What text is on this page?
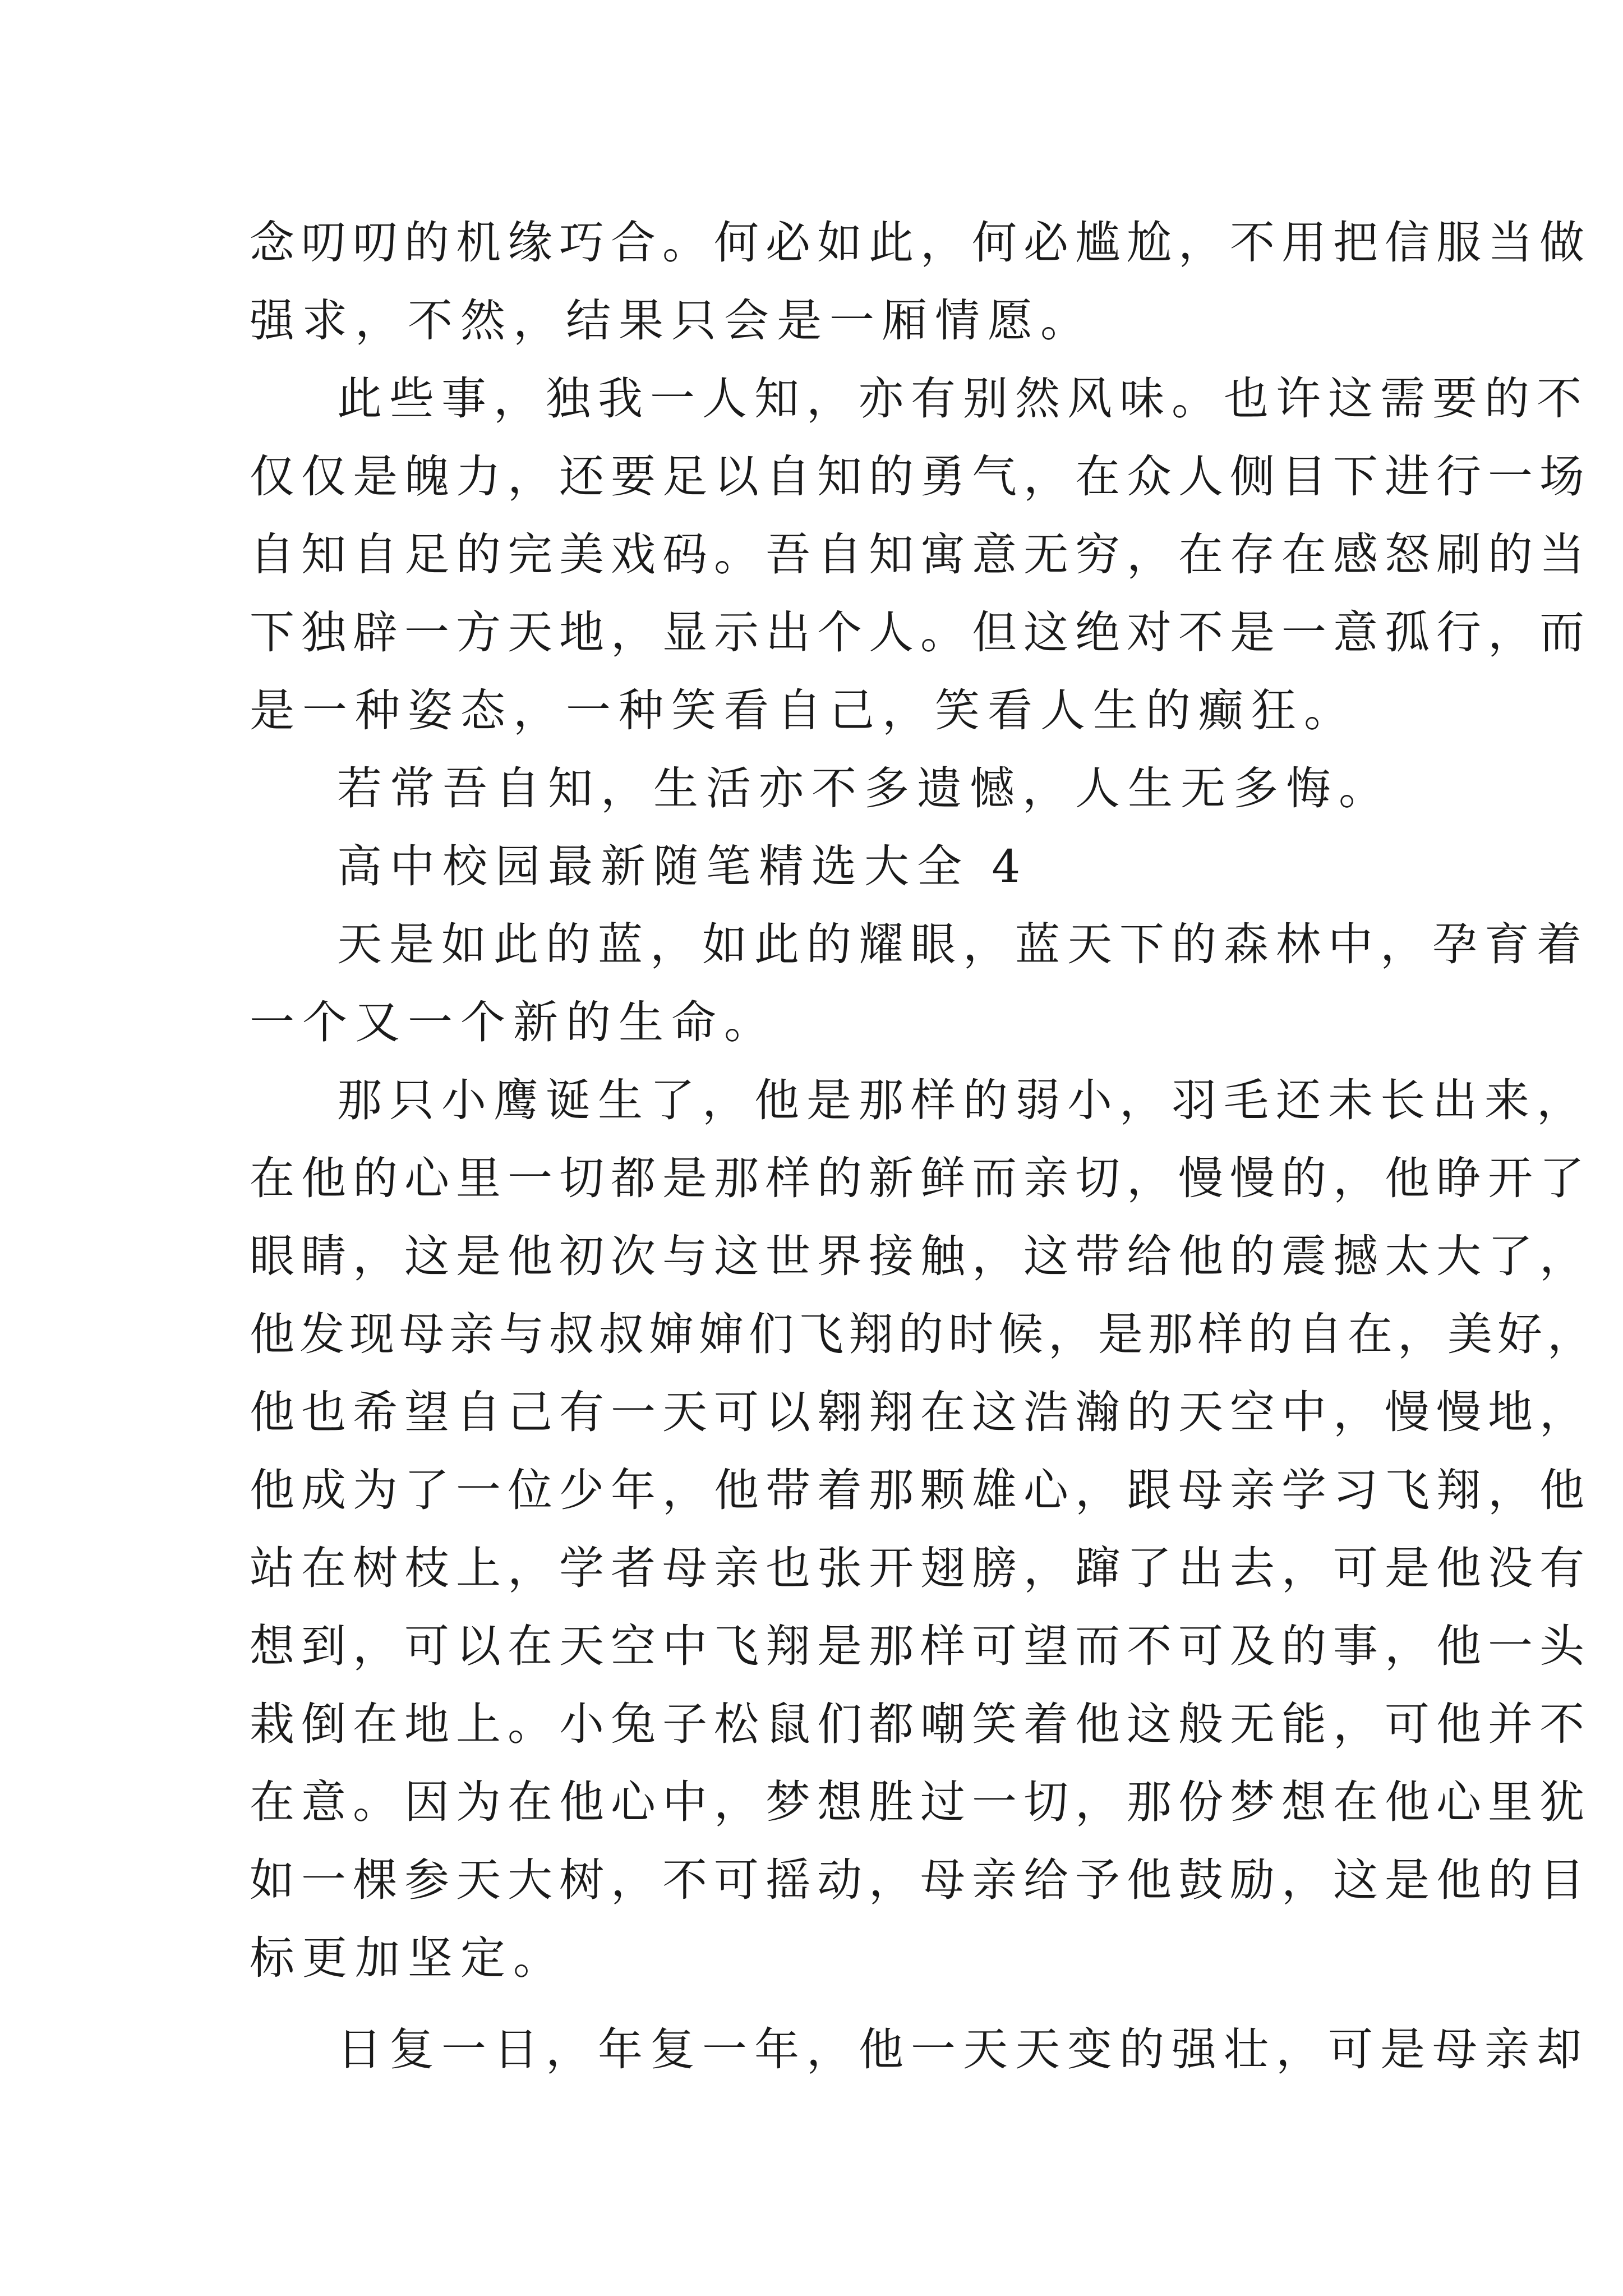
念叨叨的机缘巧合。何必如此，何必尴尬，不用把信服当做
强求，不然，结果只会是一厢情愿。
此些事，独我一人知，亦有别然风味。也许这需要的不
仅仅是魄力，还要足以自知的勇气，在众人侧目下进行一场
自知自足的完美戏码。吾自知寓意无穷，在存在感怒刷的当
下独辟一方天地，显示出个人。但这绝对不是一意孤行，而
是一种姿态，一种笑看自己，笑看人生的癫狂。
若常吾自知，生活亦不多遗憾，人生无多悔。
高中校园最新随笔精选大全 4
天是如此的蓝，如此的耀眼，蓝天下的森林中，孕育着
一个又一个新的生命。
那只小鹰诞生了，他是那样的弱小，羽毛还未长出来，
在他的心里一切都是那样的新鲜而亲切，慢慢的，他睁开了
眼睛，这是他初次与这世界接触，这带给他的震撼太大了，
他发现母亲与叔叔婶婶们飞翔的时候，是那样的自在，美好，
他也希望自己有一天可以翱翔在这浩瀚的天空中，慢慢地，
他成为了一位少年，他带着那颗雄心，跟母亲学习飞翔，他
站在树枝上，学者母亲也张开翅膀，蹿了出去，可是他没有
想到，可以在天空中飞翔是那样可望而不可及的事，他一头
栽倒在地上。小兔子松鼠们都嘲笑着他这般无能，可他并不
在意。因为在他心中，梦想胜过一切，那份梦想在他心里犹
如一棵参天大树，不可摇动，母亲给予他鼓励，这是他的目
标更加坚定。
日复一日，年复一年，他一天天变的强壮，可是母亲却
